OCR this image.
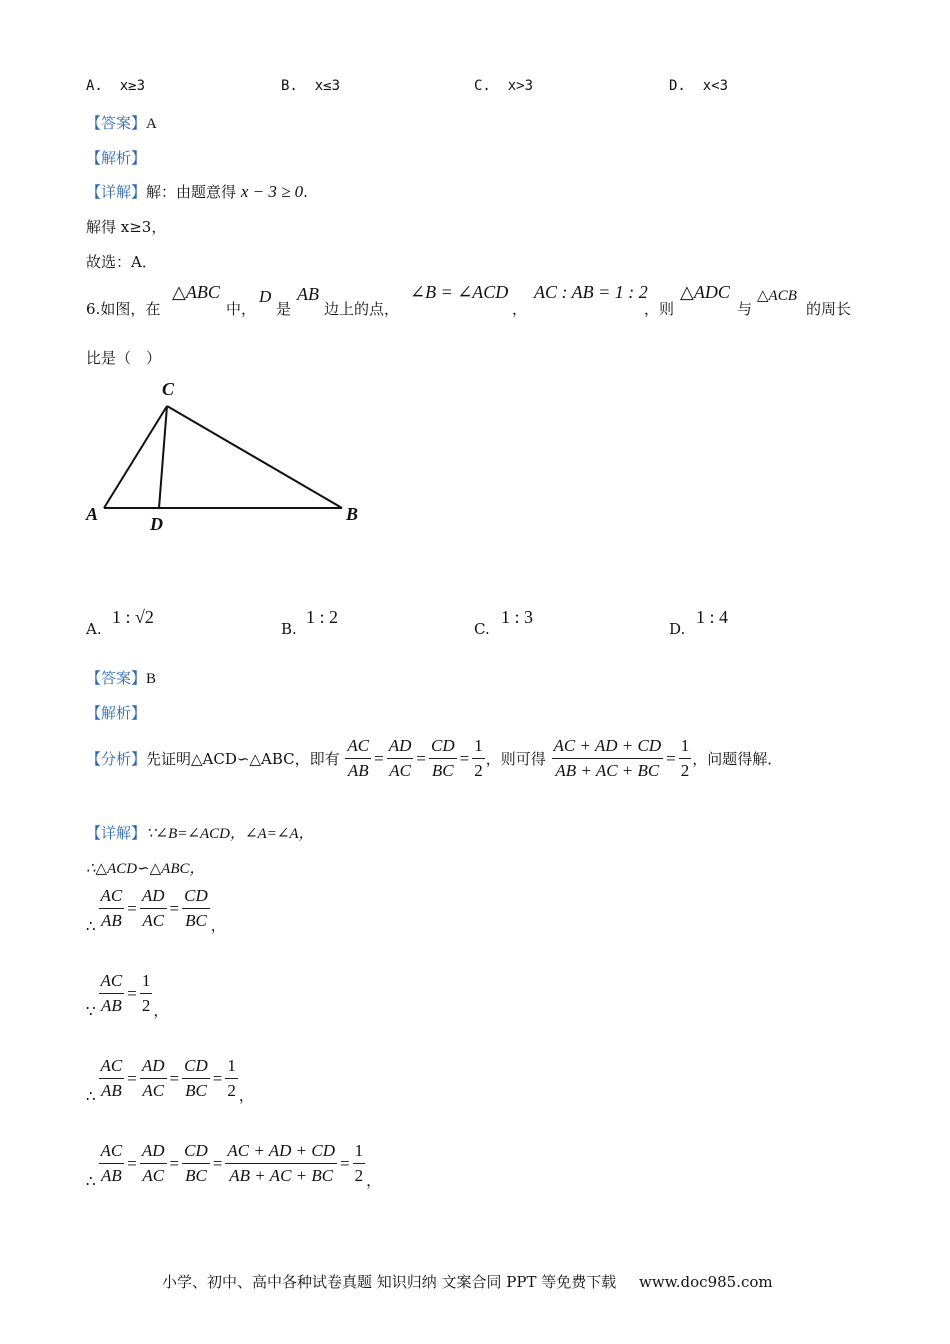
A. x≥3	B. x≤3	C. x>3	D. x<3
【答案】A
【解析】
【详解】解：由题意得 x − 3 ≥ 0.
解得 x≥3，
故选：A．
6.如图，在
△ABC
中，
D
是
AB
边上的点，
∠B = ∠ACD
，
AC : AB = 1 : 2
，则
△ADC
与
△ACB
的周长
比是（　）
C
A	D	B
A.
1 : √2
B.
1 : 2
C.
1 : 3
D.
1 : 4
【答案】B
【解析】
【分析】先证明△ACD∽△ABC，即有 $\frac{AC}{AB} = \frac{AD}{AC} = \frac{CD}{BC} = \frac{1}{2}$ ，则可得 $\frac{AC + AD + CD}{AB + AC + BC} = \frac{1}{2}$ ，问题得解．
【详解】∵∠B=∠ACD，∠A=∠A，
∴△ACD∽△ABC，
∴ $\frac{AC}{AB} = \frac{AD}{AC} = \frac{CD}{BC}$ ，
∵ $\frac{AC}{AB} = \frac{1}{2}$ ，
∴ $\frac{AC}{AB} = \frac{AD}{AC} = \frac{CD}{BC} = \frac{1}{2}$ ，
∴ $\frac{AC}{AB} = \frac{AD}{AC} = \frac{CD}{BC} = \frac{AC + AD + CD}{AB + AC + BC} = \frac{1}{2}$ ，
小学、初中、高中各种试卷真题 知识归纳 文案合同 PPT 等免费下载 www.doc985.com
